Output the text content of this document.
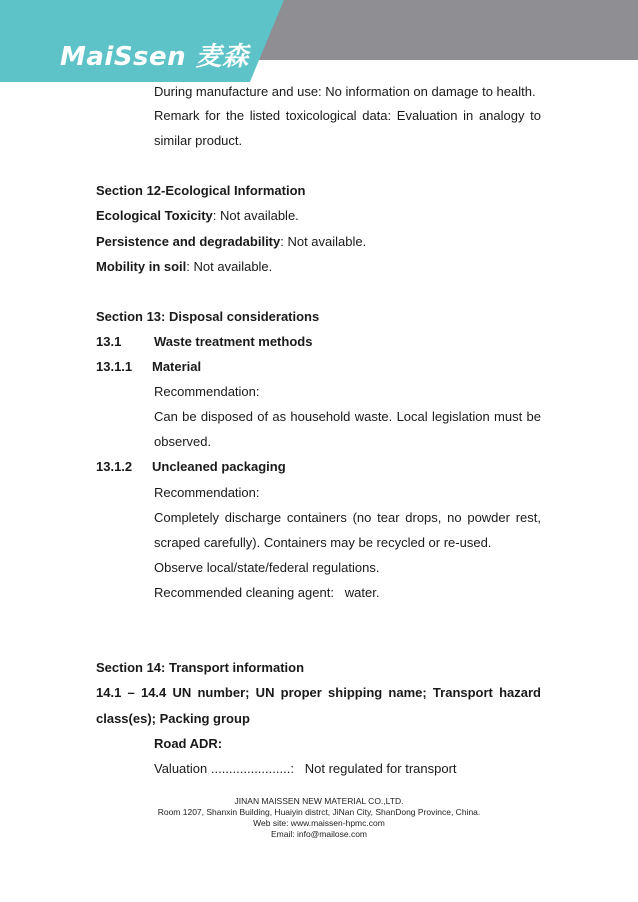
MaiSsen 麦森
During manufacture and use: No information on damage to health.
Remark for the listed toxicological data: Evaluation in analogy to
similar product.
Section 12-Ecological Information
Ecological Toxicity: Not available.
Persistence and degradability: Not available.
Mobility in soil: Not available.
Section 13: Disposal considerations
13.1	Waste treatment methods
13.1.1 Material
Recommendation:
Can be disposed of as household waste. Local legislation must be
observed.
13.1.2 Uncleaned packaging
Recommendation:
Completely discharge containers (no tear drops, no powder rest,
scraped carefully). Containers may be recycled or re-used.
Observe local/state/federal regulations.
Recommended cleaning agent:   water.
Section 14: Transport information
14.1 – 14.4 UN number; UN proper shipping name; Transport hazard
class(es); Packing group
Road ADR:
Valuation ......................:   Not regulated for transport
JINAN MAISSEN NEW MATERIAL CO.,LTD.
Room 1207, Shanxin Building, Huaiyin distrct, JiNan City, ShanDong Province, China.
Web site: www.maissen-hpmc.com
Email: info@mailose.com
